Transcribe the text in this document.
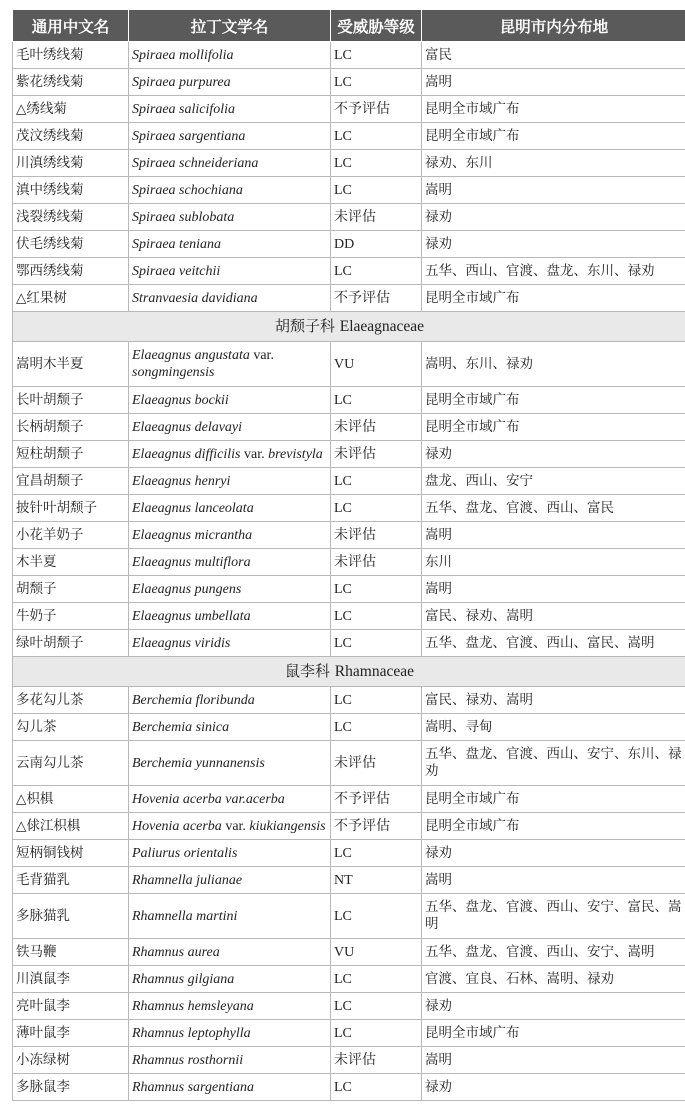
通用中文名	拉丁文学名	受威胁等级	昆明市内分布地
毛叶绣线菊	Spiraea mollifolia	LC	富民
紫花绣线菊	Spiraea purpurea	LC	嵩明
△绣线菊	Spiraea salicifolia	不予评估	昆明全市域广布
茂汶绣线菊	Spiraea sargentiana	LC	昆明全市域广布
川滇绣线菊	Spiraea schneideriana	LC	禄劝、东川
滇中绣线菊	Spiraea schochiana	LC	嵩明
浅裂绣线菊	Spiraea sublobata	未评估	禄劝
伏毛绣线菊	Spiraea teniana	DD	禄劝
鄂西绣线菊	Spiraea veitchii	LC	五华、西山、官渡、盘龙、东川、禄劝
△红果树	Stranvaesia davidiana	不予评估	昆明全市域广布
胡颓子科 Elaeagnaceae			
嵩明木半夏	Elaeagnus angustata var. songmingensis	VU	嵩明、东川、禄劝
长叶胡颓子	Elaeagnus bockii	LC	昆明全市域广布
长柄胡颓子	Elaeagnus delavayi	未评估	昆明全市域广布
短柱胡颓子	Elaeagnus difficilis var. brevistyla	未评估	禄劝
宜昌胡颓子	Elaeagnus henryi	LC	盘龙、西山、安宁
披针叶胡颓子	Elaeagnus lanceolata	LC	五华、盘龙、官渡、西山、富民
小花羊奶子	Elaeagnus micrantha	未评估	嵩明
木半夏	Elaeagnus multiflora	未评估	东川
胡颓子	Elaeagnus pungens	LC	嵩明
牛奶子	Elaeagnus umbellata	LC	富民、禄劝、嵩明
绿叶胡颓子	Elaeagnus viridis	LC	五华、盘龙、官渡、西山、富民、嵩明
鼠李科 Rhamnaceae			
多花勾儿茶	Berchemia floribunda	LC	富民、禄劝、嵩明
勾儿茶	Berchemia sinica	LC	嵩明、寻甸
云南勾儿茶	Berchemia yunnanensis	未评估	五华、盘龙、官渡、西山、安宁、东川、禄劝
△枳椇	Hovenia acerba var.acerba	不予评估	昆明全市域广布
△俅江枳椇	Hovenia acerba var. kiukiangensis	不予评估	昆明全市域广布
短柄铜钱树	Paliurus orientalis	LC	禄劝
毛背猫乳	Rhamnella julianae	NT	嵩明
多脉猫乳	Rhamnella martini	LC	五华、盘龙、官渡、西山、安宁、富民、嵩明
铁马鞭	Rhamnus aurea	VU	五华、盘龙、官渡、西山、安宁、嵩明
川滇鼠李	Rhamnus gilgiana	LC	官渡、宜良、石林、嵩明、禄劝
亮叶鼠李	Rhamnus hemsleyana	LC	禄劝
薄叶鼠李	Rhamnus leptophylla	LC	昆明全市域广布
小冻绿树	Rhamnus rosthornii	未评估	嵩明
多脉鼠李	Rhamnus sargentiana	LC	禄劝
